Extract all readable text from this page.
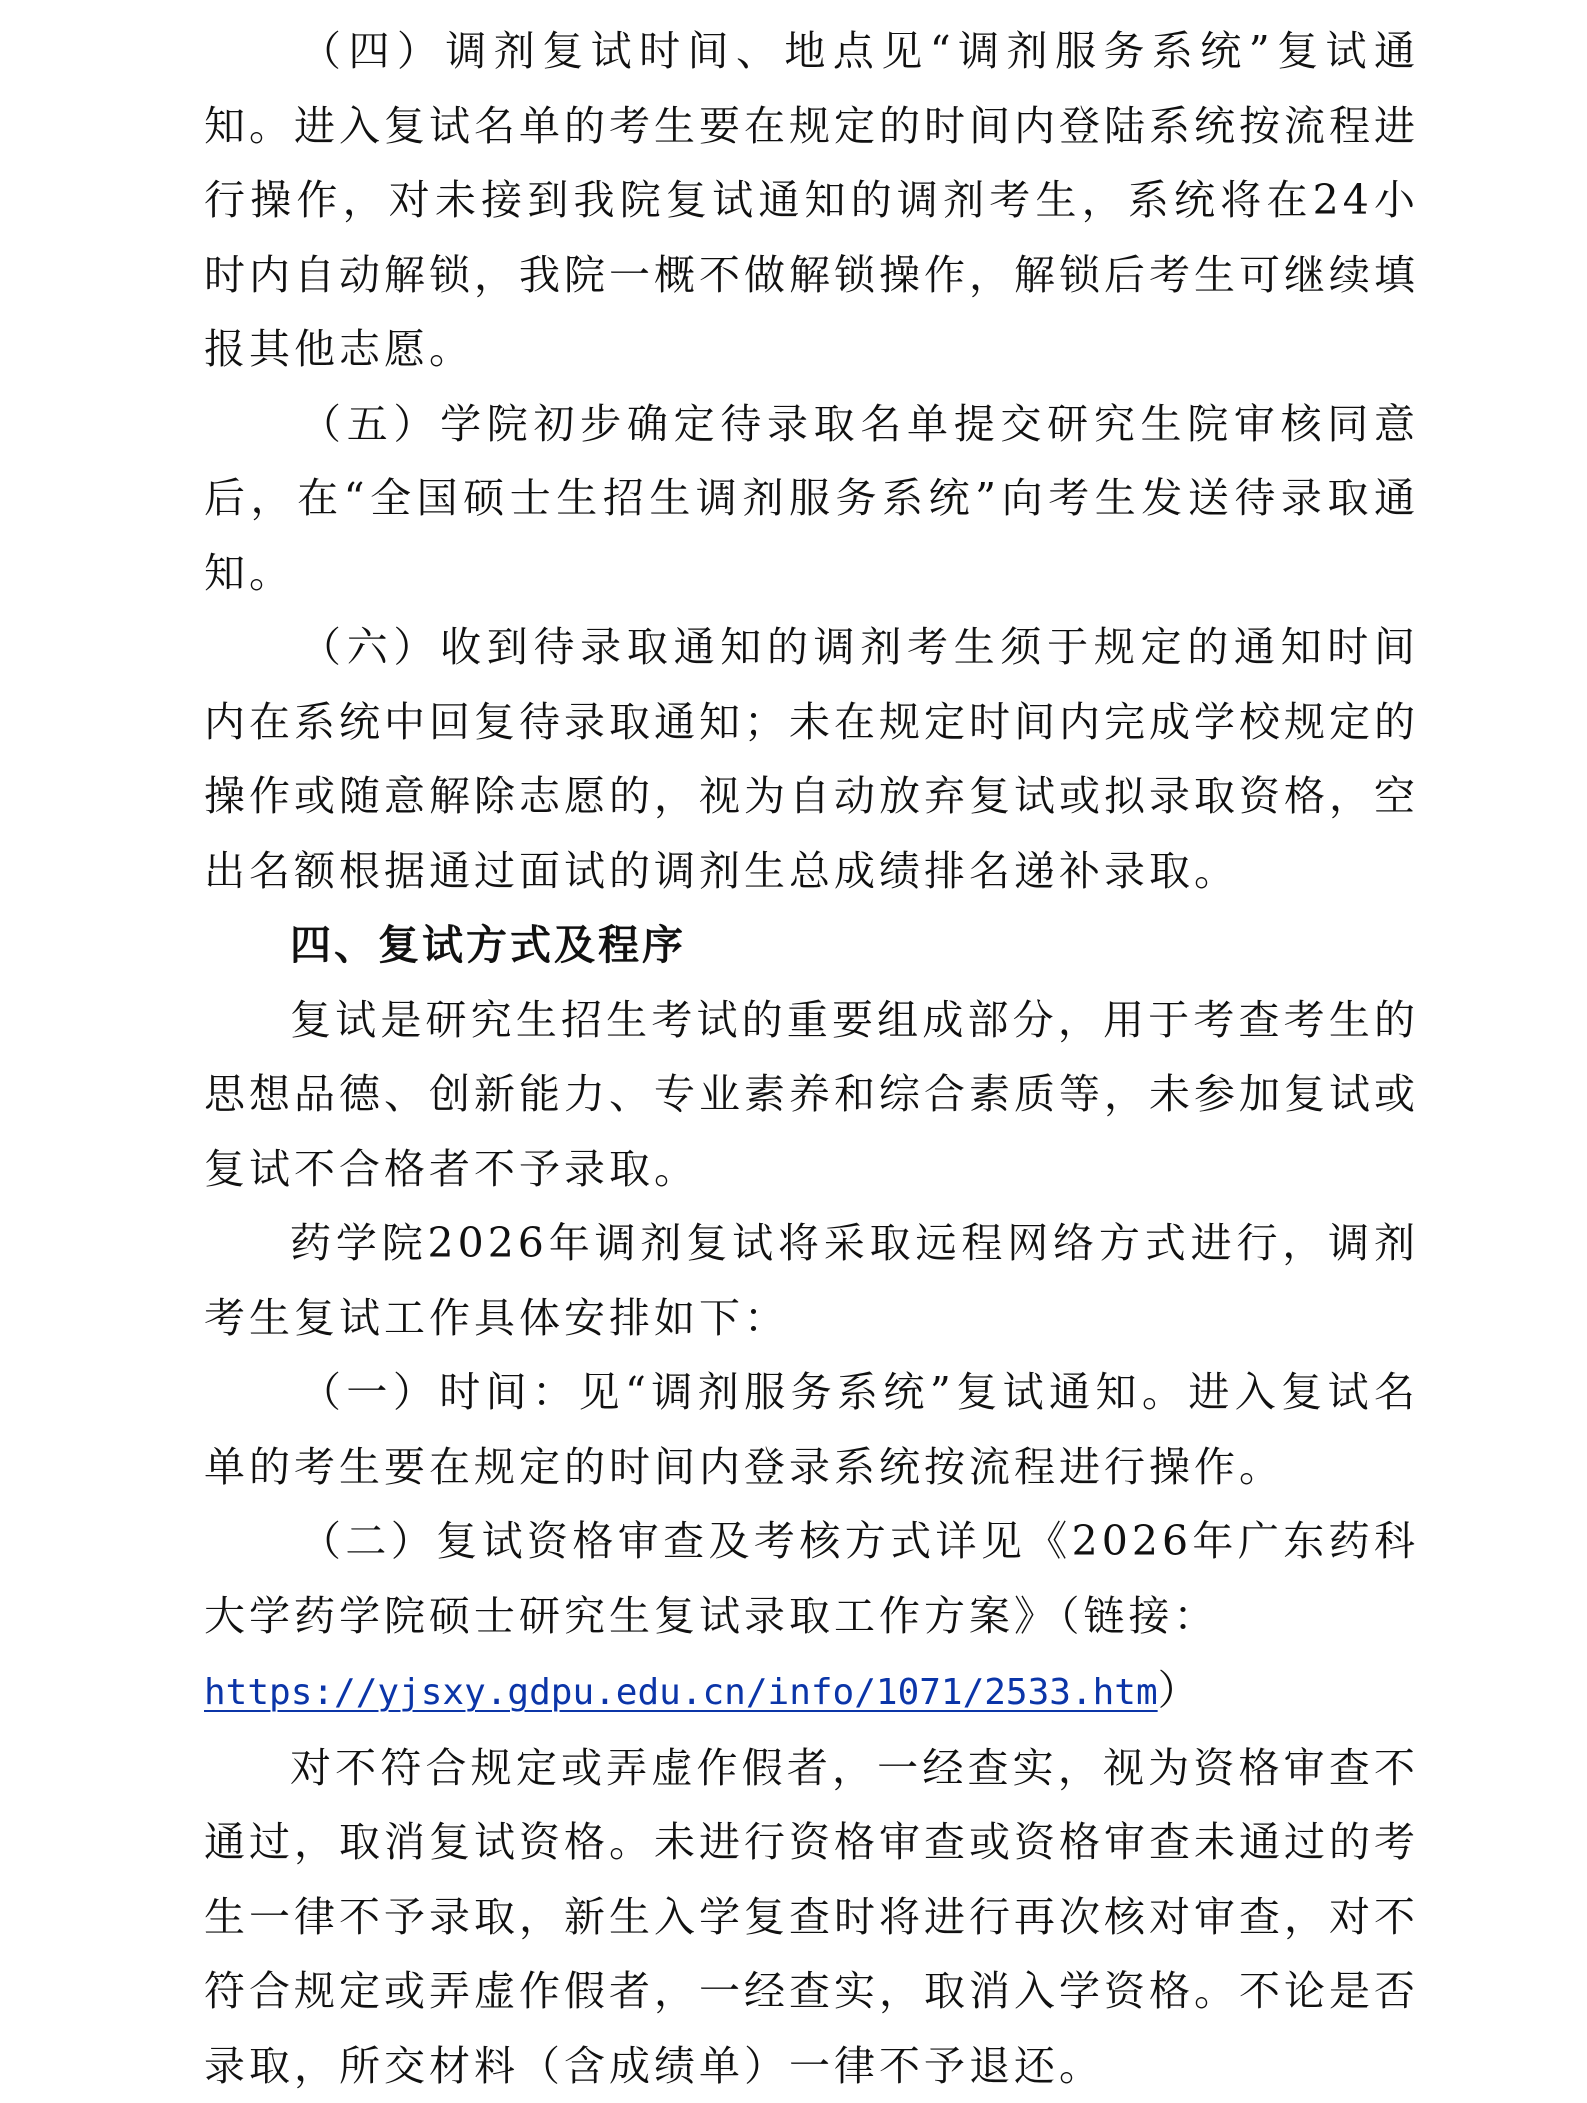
（四）调剂复试时间、地点见“调剂服务系统”复试通知。进入复试名单的考生要在规定的时间内登陆系统按流程进行操作，对未接到我院复试通知的调剂考生，系统将在24小时内自动解锁，我院一概不做解锁操作，解锁后考生可继续填报其他志愿。

（五）学院初步确定待录取名单提交研究生院审核同意后，在“全国硕士生招生调剂服务系统”向考生发送待录取通知。

（六）收到待录取通知的调剂考生须于规定的通知时间内在系统中回复待录取通知；未在规定时间内完成学校规定的操作或随意解除志愿的，视为自动放弃复试或拟录取资格，空出名额根据通过面试的调剂生总成绩排名递补录取。

四、复试方式及程序

复试是研究生招生考试的重要组成部分，用于考查考生的思想品德、创新能力、专业素养和综合素质等，未参加复试或复试不合格者不予录取。

药学院2026年调剂复试将采取远程网络方式进行，调剂考生复试工作具体安排如下：

（一）时间：见“调剂服务系统”复试通知。进入复试名单的考生要在规定的时间内登录系统按流程进行操作。

（二）复试资格审查及考核方式详见《2026年广东药科大学药学院硕士研究生复试录取工作方案》（链接：
https://yjsxy.gdpu.edu.cn/info/1071/2533.htm）

对不符合规定或弄虚作假者，一经查实，视为资格审查不通过，取消复试资格。未进行资格审查或资格审查未通过的考生一律不予录取，新生入学复查时将进行再次核对审查，对不符合规定或弄虚作假者，一经查实，取消入学资格。不论是否录取，所交材料（含成绩单）一律不予退还。
